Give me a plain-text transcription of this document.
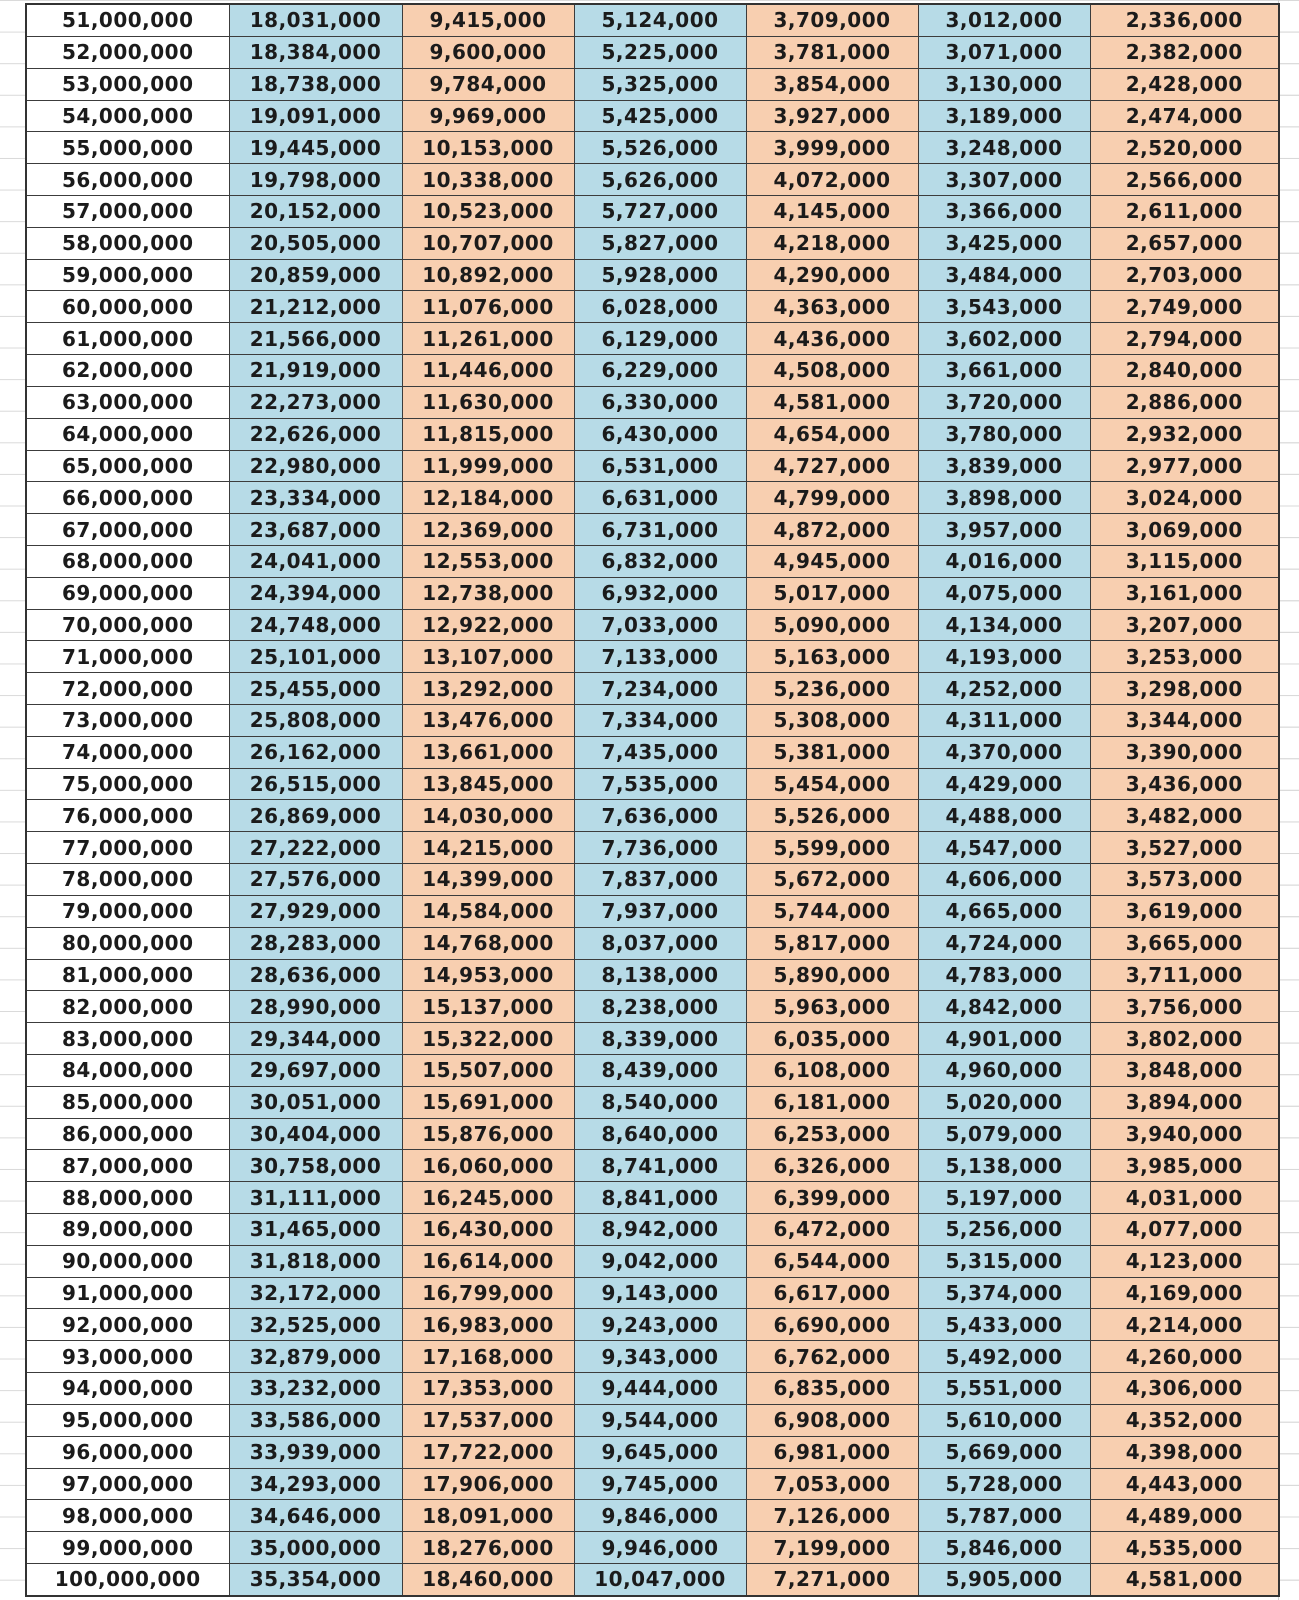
51,000,000	18,031,000	9,415,000	5,124,000	3,709,000	3,012,000	2,336,000
52,000,000	18,384,000	9,600,000	5,225,000	3,781,000	3,071,000	2,382,000
53,000,000	18,738,000	9,784,000	5,325,000	3,854,000	3,130,000	2,428,000
54,000,000	19,091,000	9,969,000	5,425,000	3,927,000	3,189,000	2,474,000
55,000,000	19,445,000	10,153,000	5,526,000	3,999,000	3,248,000	2,520,000
56,000,000	19,798,000	10,338,000	5,626,000	4,072,000	3,307,000	2,566,000
57,000,000	20,152,000	10,523,000	5,727,000	4,145,000	3,366,000	2,611,000
58,000,000	20,505,000	10,707,000	5,827,000	4,218,000	3,425,000	2,657,000
59,000,000	20,859,000	10,892,000	5,928,000	4,290,000	3,484,000	2,703,000
60,000,000	21,212,000	11,076,000	6,028,000	4,363,000	3,543,000	2,749,000
61,000,000	21,566,000	11,261,000	6,129,000	4,436,000	3,602,000	2,794,000
62,000,000	21,919,000	11,446,000	6,229,000	4,508,000	3,661,000	2,840,000
63,000,000	22,273,000	11,630,000	6,330,000	4,581,000	3,720,000	2,886,000
64,000,000	22,626,000	11,815,000	6,430,000	4,654,000	3,780,000	2,932,000
65,000,000	22,980,000	11,999,000	6,531,000	4,727,000	3,839,000	2,977,000
66,000,000	23,334,000	12,184,000	6,631,000	4,799,000	3,898,000	3,024,000
67,000,000	23,687,000	12,369,000	6,731,000	4,872,000	3,957,000	3,069,000
68,000,000	24,041,000	12,553,000	6,832,000	4,945,000	4,016,000	3,115,000
69,000,000	24,394,000	12,738,000	6,932,000	5,017,000	4,075,000	3,161,000
70,000,000	24,748,000	12,922,000	7,033,000	5,090,000	4,134,000	3,207,000
71,000,000	25,101,000	13,107,000	7,133,000	5,163,000	4,193,000	3,253,000
72,000,000	25,455,000	13,292,000	7,234,000	5,236,000	4,252,000	3,298,000
73,000,000	25,808,000	13,476,000	7,334,000	5,308,000	4,311,000	3,344,000
74,000,000	26,162,000	13,661,000	7,435,000	5,381,000	4,370,000	3,390,000
75,000,000	26,515,000	13,845,000	7,535,000	5,454,000	4,429,000	3,436,000
76,000,000	26,869,000	14,030,000	7,636,000	5,526,000	4,488,000	3,482,000
77,000,000	27,222,000	14,215,000	7,736,000	5,599,000	4,547,000	3,527,000
78,000,000	27,576,000	14,399,000	7,837,000	5,672,000	4,606,000	3,573,000
79,000,000	27,929,000	14,584,000	7,937,000	5,744,000	4,665,000	3,619,000
80,000,000	28,283,000	14,768,000	8,037,000	5,817,000	4,724,000	3,665,000
81,000,000	28,636,000	14,953,000	8,138,000	5,890,000	4,783,000	3,711,000
82,000,000	28,990,000	15,137,000	8,238,000	5,963,000	4,842,000	3,756,000
83,000,000	29,344,000	15,322,000	8,339,000	6,035,000	4,901,000	3,802,000
84,000,000	29,697,000	15,507,000	8,439,000	6,108,000	4,960,000	3,848,000
85,000,000	30,051,000	15,691,000	8,540,000	6,181,000	5,020,000	3,894,000
86,000,000	30,404,000	15,876,000	8,640,000	6,253,000	5,079,000	3,940,000
87,000,000	30,758,000	16,060,000	8,741,000	6,326,000	5,138,000	3,985,000
88,000,000	31,111,000	16,245,000	8,841,000	6,399,000	5,197,000	4,031,000
89,000,000	31,465,000	16,430,000	8,942,000	6,472,000	5,256,000	4,077,000
90,000,000	31,818,000	16,614,000	9,042,000	6,544,000	5,315,000	4,123,000
91,000,000	32,172,000	16,799,000	9,143,000	6,617,000	5,374,000	4,169,000
92,000,000	32,525,000	16,983,000	9,243,000	6,690,000	5,433,000	4,214,000
93,000,000	32,879,000	17,168,000	9,343,000	6,762,000	5,492,000	4,260,000
94,000,000	33,232,000	17,353,000	9,444,000	6,835,000	5,551,000	4,306,000
95,000,000	33,586,000	17,537,000	9,544,000	6,908,000	5,610,000	4,352,000
96,000,000	33,939,000	17,722,000	9,645,000	6,981,000	5,669,000	4,398,000
97,000,000	34,293,000	17,906,000	9,745,000	7,053,000	5,728,000	4,443,000
98,000,000	34,646,000	18,091,000	9,846,000	7,126,000	5,787,000	4,489,000
99,000,000	35,000,000	18,276,000	9,946,000	7,199,000	5,846,000	4,535,000
100,000,000	35,354,000	18,460,000	10,047,000	7,271,000	5,905,000	4,581,000
